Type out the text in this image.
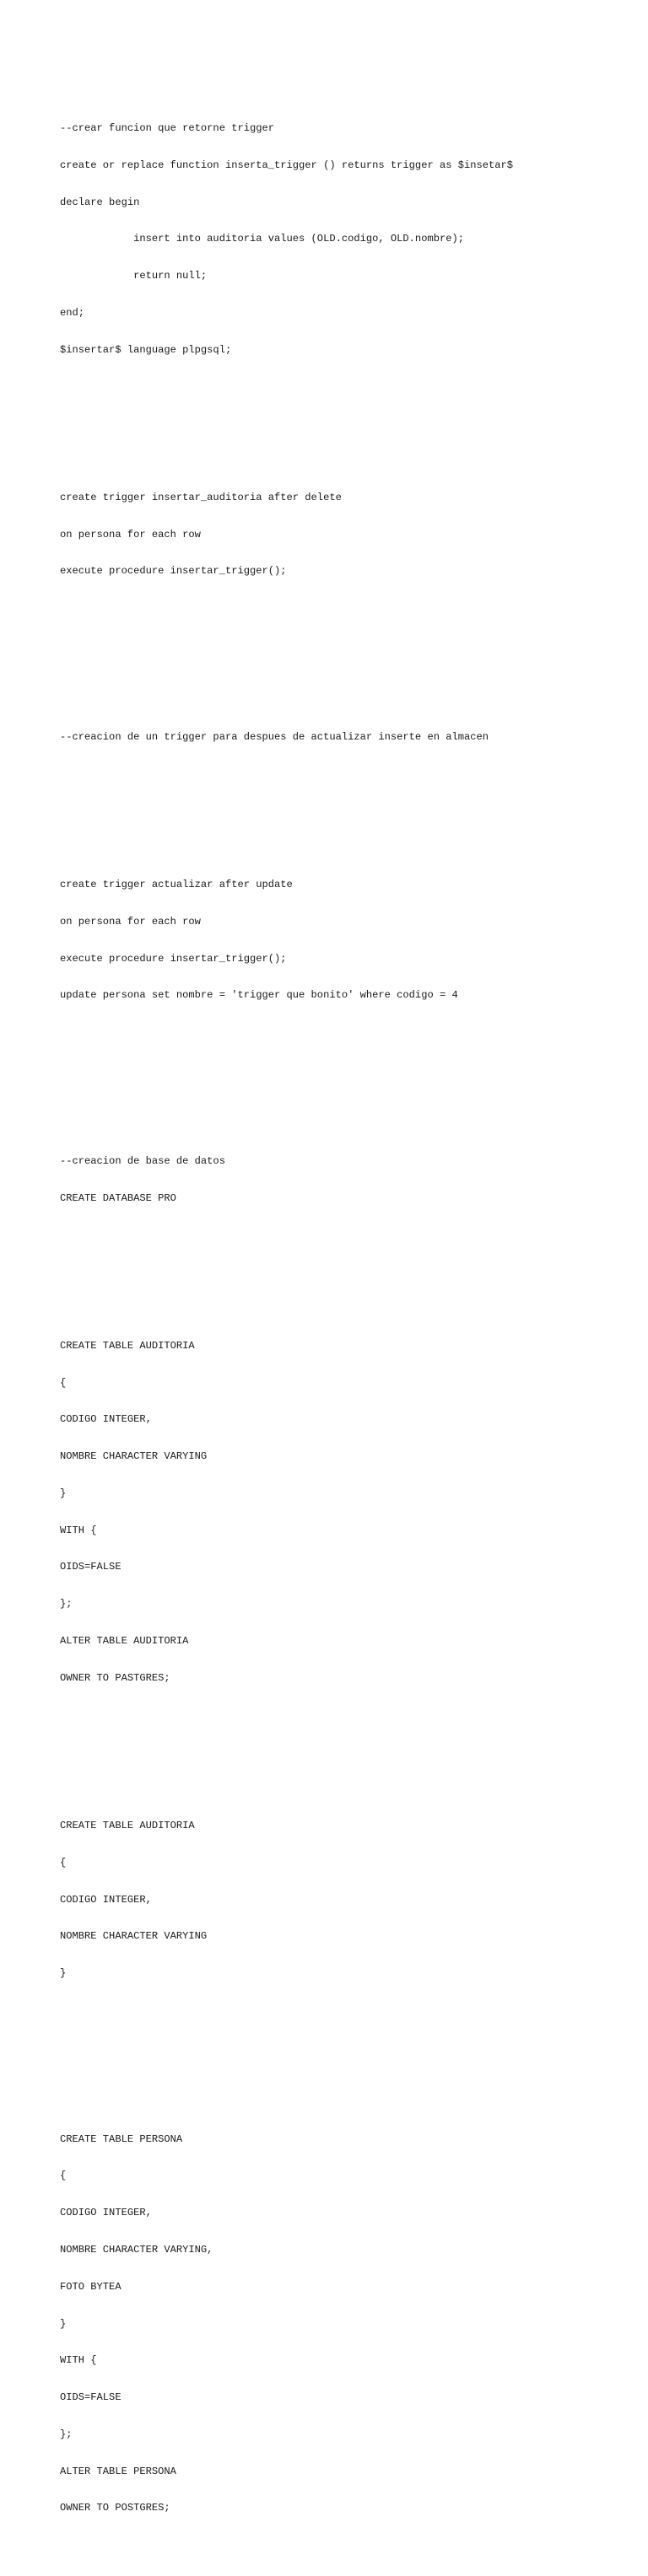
--crear funcion que retorne trigger

create or replace function inserta_trigger () returns trigger as $insetar$

declare begin

insert into auditoria values (OLD.codigo, OLD.nombre);

return null;

end;

$insertar$ language plpgsql;

create trigger insertar_auditoria after delete

on persona for each row

execute procedure insertar_trigger();

--creacion de un trigger para despues de actualizar inserte en almacen

create trigger actualizar after update

on persona for each row

execute procedure insertar_trigger();

update persona set nombre = 'trigger que bonito' where codigo = 4

--creacion de base de datos

CREATE DATABASE PRO

CREATE TABLE AUDITORIA

{

CODIGO INTEGER,

NOMBRE CHARACTER VARYING

}

WITH {

OIDS=FALSE

};

ALTER TABLE AUDITORIA

OWNER TO PASTGRES;

CREATE TABLE AUDITORIA

{

CODIGO INTEGER,

NOMBRE CHARACTER VARYING

}

CREATE TABLE PERSONA

{

CODIGO INTEGER,

NOMBRE CHARACTER VARYING,

FOTO BYTEA

}

WITH {

OIDS=FALSE

};

ALTER TABLE PERSONA

OWNER TO POSTGRES;
